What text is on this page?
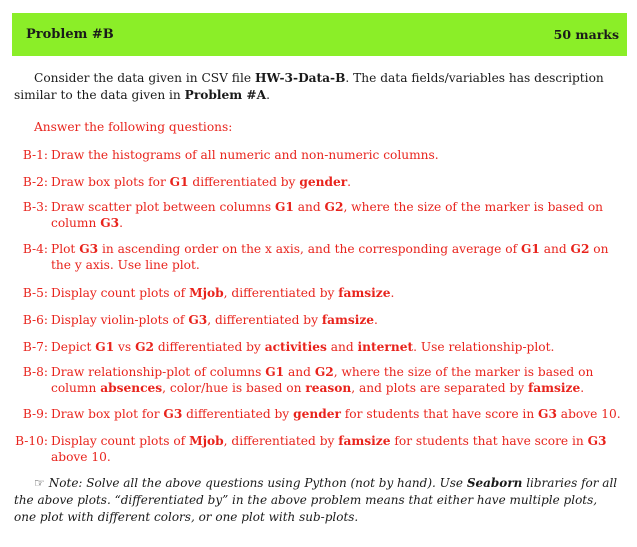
Problem #B	50 marks
Consider the data given in CSV file HW-3-Data-B. The data fields/variables has description similar to the data given in Problem #A.
Answer the following questions:
B-1: Draw the histograms of all numeric and non-numeric columns.
B-2: Draw box plots for G1 differentiated by gender.
B-3: Draw scatter plot between columns G1 and G2, where the size of the marker is based on column G3.
B-4: Plot G3 in ascending order on the x axis, and the corresponding average of G1 and G2 on the y axis. Use line plot.
B-5: Display count plots of Mjob, differentiated by famsize.
B-6: Display violin-plots of G3, differentiated by famsize.
B-7: Depict G1 vs G2 differentiated by activities and internet. Use relationship-plot.
B-8: Draw relationship-plot of columns G1 and G2, where the size of the marker is based on column absences, color/hue is based on reason, and plots are separated by famsize.
B-9: Draw box plot for G3 differentiated by gender for students that have score in G3 above 10.
B-10: Display count plots of Mjob, differentiated by famsize for students that have score in G3 above 10.
☞ Note: Solve all the above questions using Python (not by hand). Use Seaborn libraries for all the above plots. “differentiated by” in the above problem means that either have multiple plots, one plot with different colors, or one plot with sub-plots.
